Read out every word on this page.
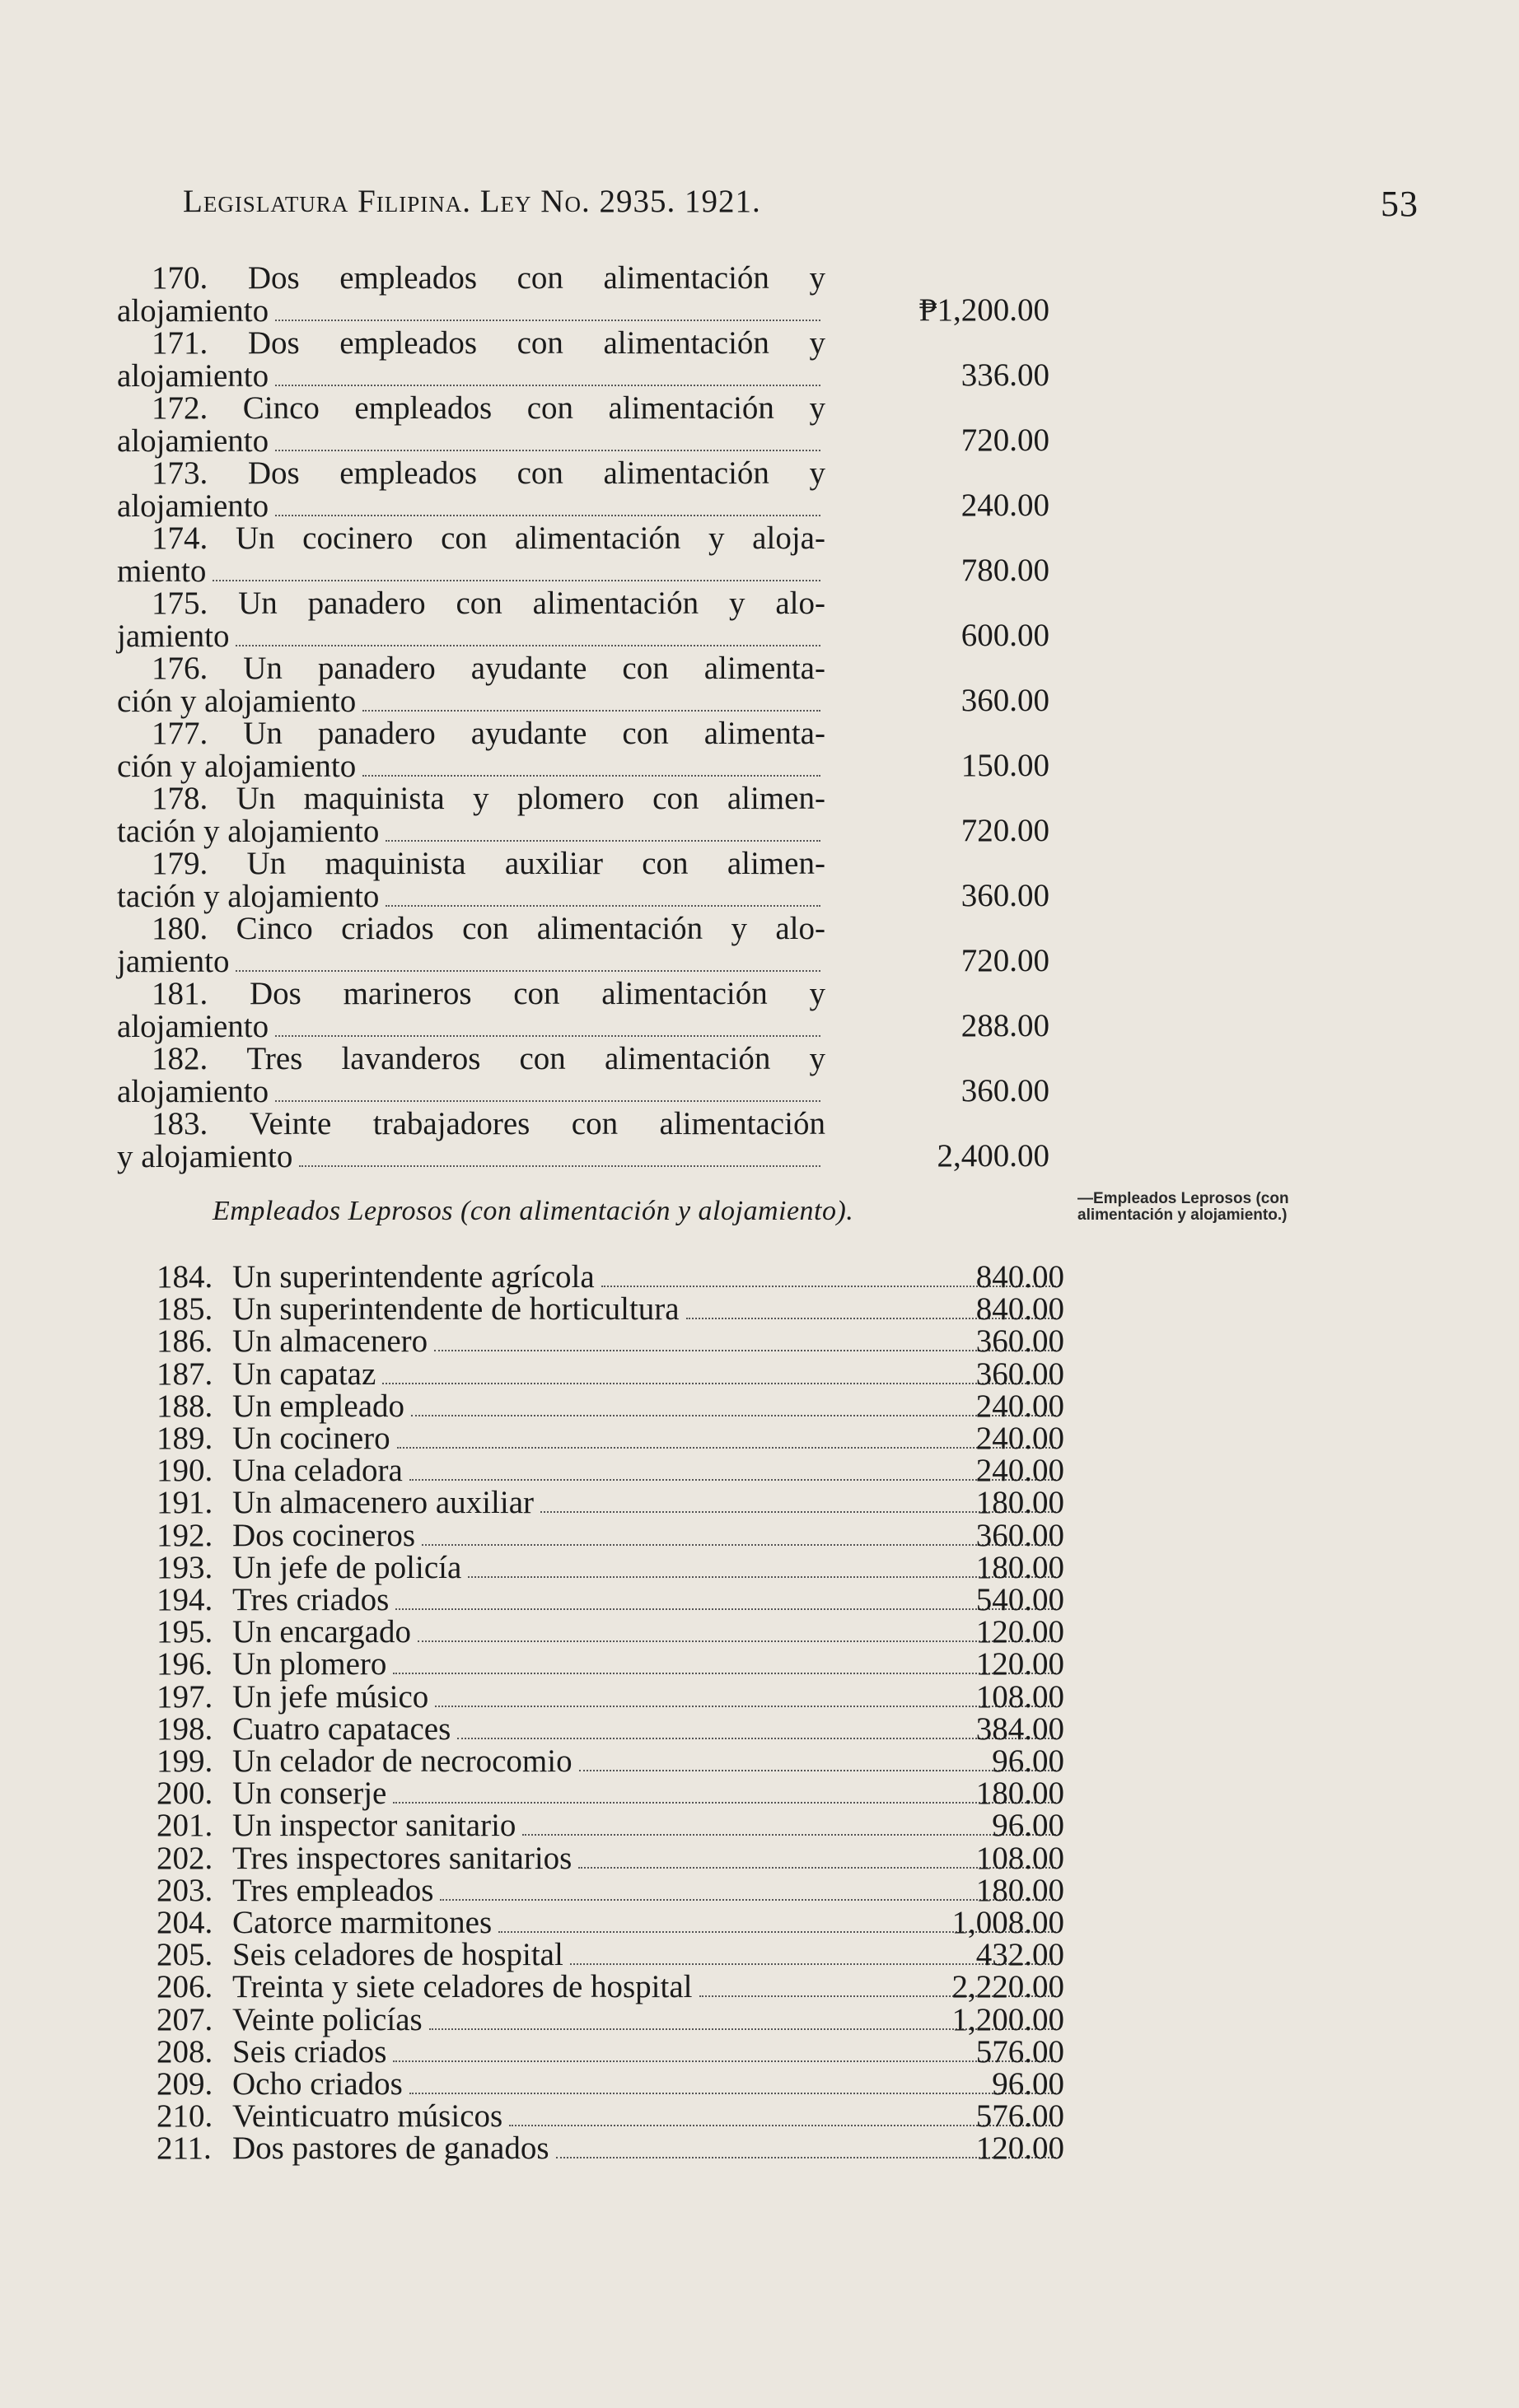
Legislatura Filipina. Ley No. 2935. 1921.	53
170. Dos empleados con alimentación y
alojamiento	₱1,200.00
171. Dos empleados con alimentación y
alojamiento	336.00
172. Cinco empleados con alimentación y
alojamiento	720.00
173. Dos empleados con alimentación y
alojamiento	240.00
174. Un cocinero con alimentación y aloja-
miento	780.00
175. Un panadero con alimentación y alo-
jamiento	600.00
176. Un panadero ayudante con alimenta-
ción y alojamiento	360.00
177. Un panadero ayudante con alimenta-
ción y alojamiento	150.00
178. Un maquinista y plomero con alimen-
tación y alojamiento	720.00
179. Un maquinista auxiliar con alimen-
tación y alojamiento	360.00
180. Cinco criados con alimentación y alo-
jamiento	720.00
181. Dos marineros con alimentación y
alojamiento	288.00
182. Tres lavanderos con alimentación y
alojamiento	360.00
183. Veinte trabajadores con alimentación
y alojamiento	2,400.00
Empleados Leprosos (con alimentación y alojamiento).	—Empleados Leprosos (con alimentación y alojamiento.)
184. Un superintendente agrícola	840.00
185. Un superintendente de horticultura	840.00
186. Un almacenero	360.00
187. Un capataz	360.00
188. Un empleado	240.00
189. Un cocinero	240.00
190. Una celadora	240.00
191. Un almacenero auxiliar	180.00
192. Dos cocineros	360.00
193. Un jefe de policía	180.00
194. Tres criados	540.00
195. Un encargado	120.00
196. Un plomero	120.00
197. Un jefe músico	108.00
198. Cuatro capataces	384.00
199. Un celador de necrocomio	96.00
200. Un conserje	180.00
201. Un inspector sanitario	96.00
202. Tres inspectores sanitarios	108.00
203. Tres empleados	180.00
204. Catorce marmitones	1,008.00
205. Seis celadores de hospital	432.00
206. Treinta y siete celadores de hospital	2,220.00
207. Veinte policías	1,200.00
208. Seis criados	576.00
209. Ocho criados	96.00
210. Veinticuatro músicos	576.00
211. Dos pastores de ganados	120.00
